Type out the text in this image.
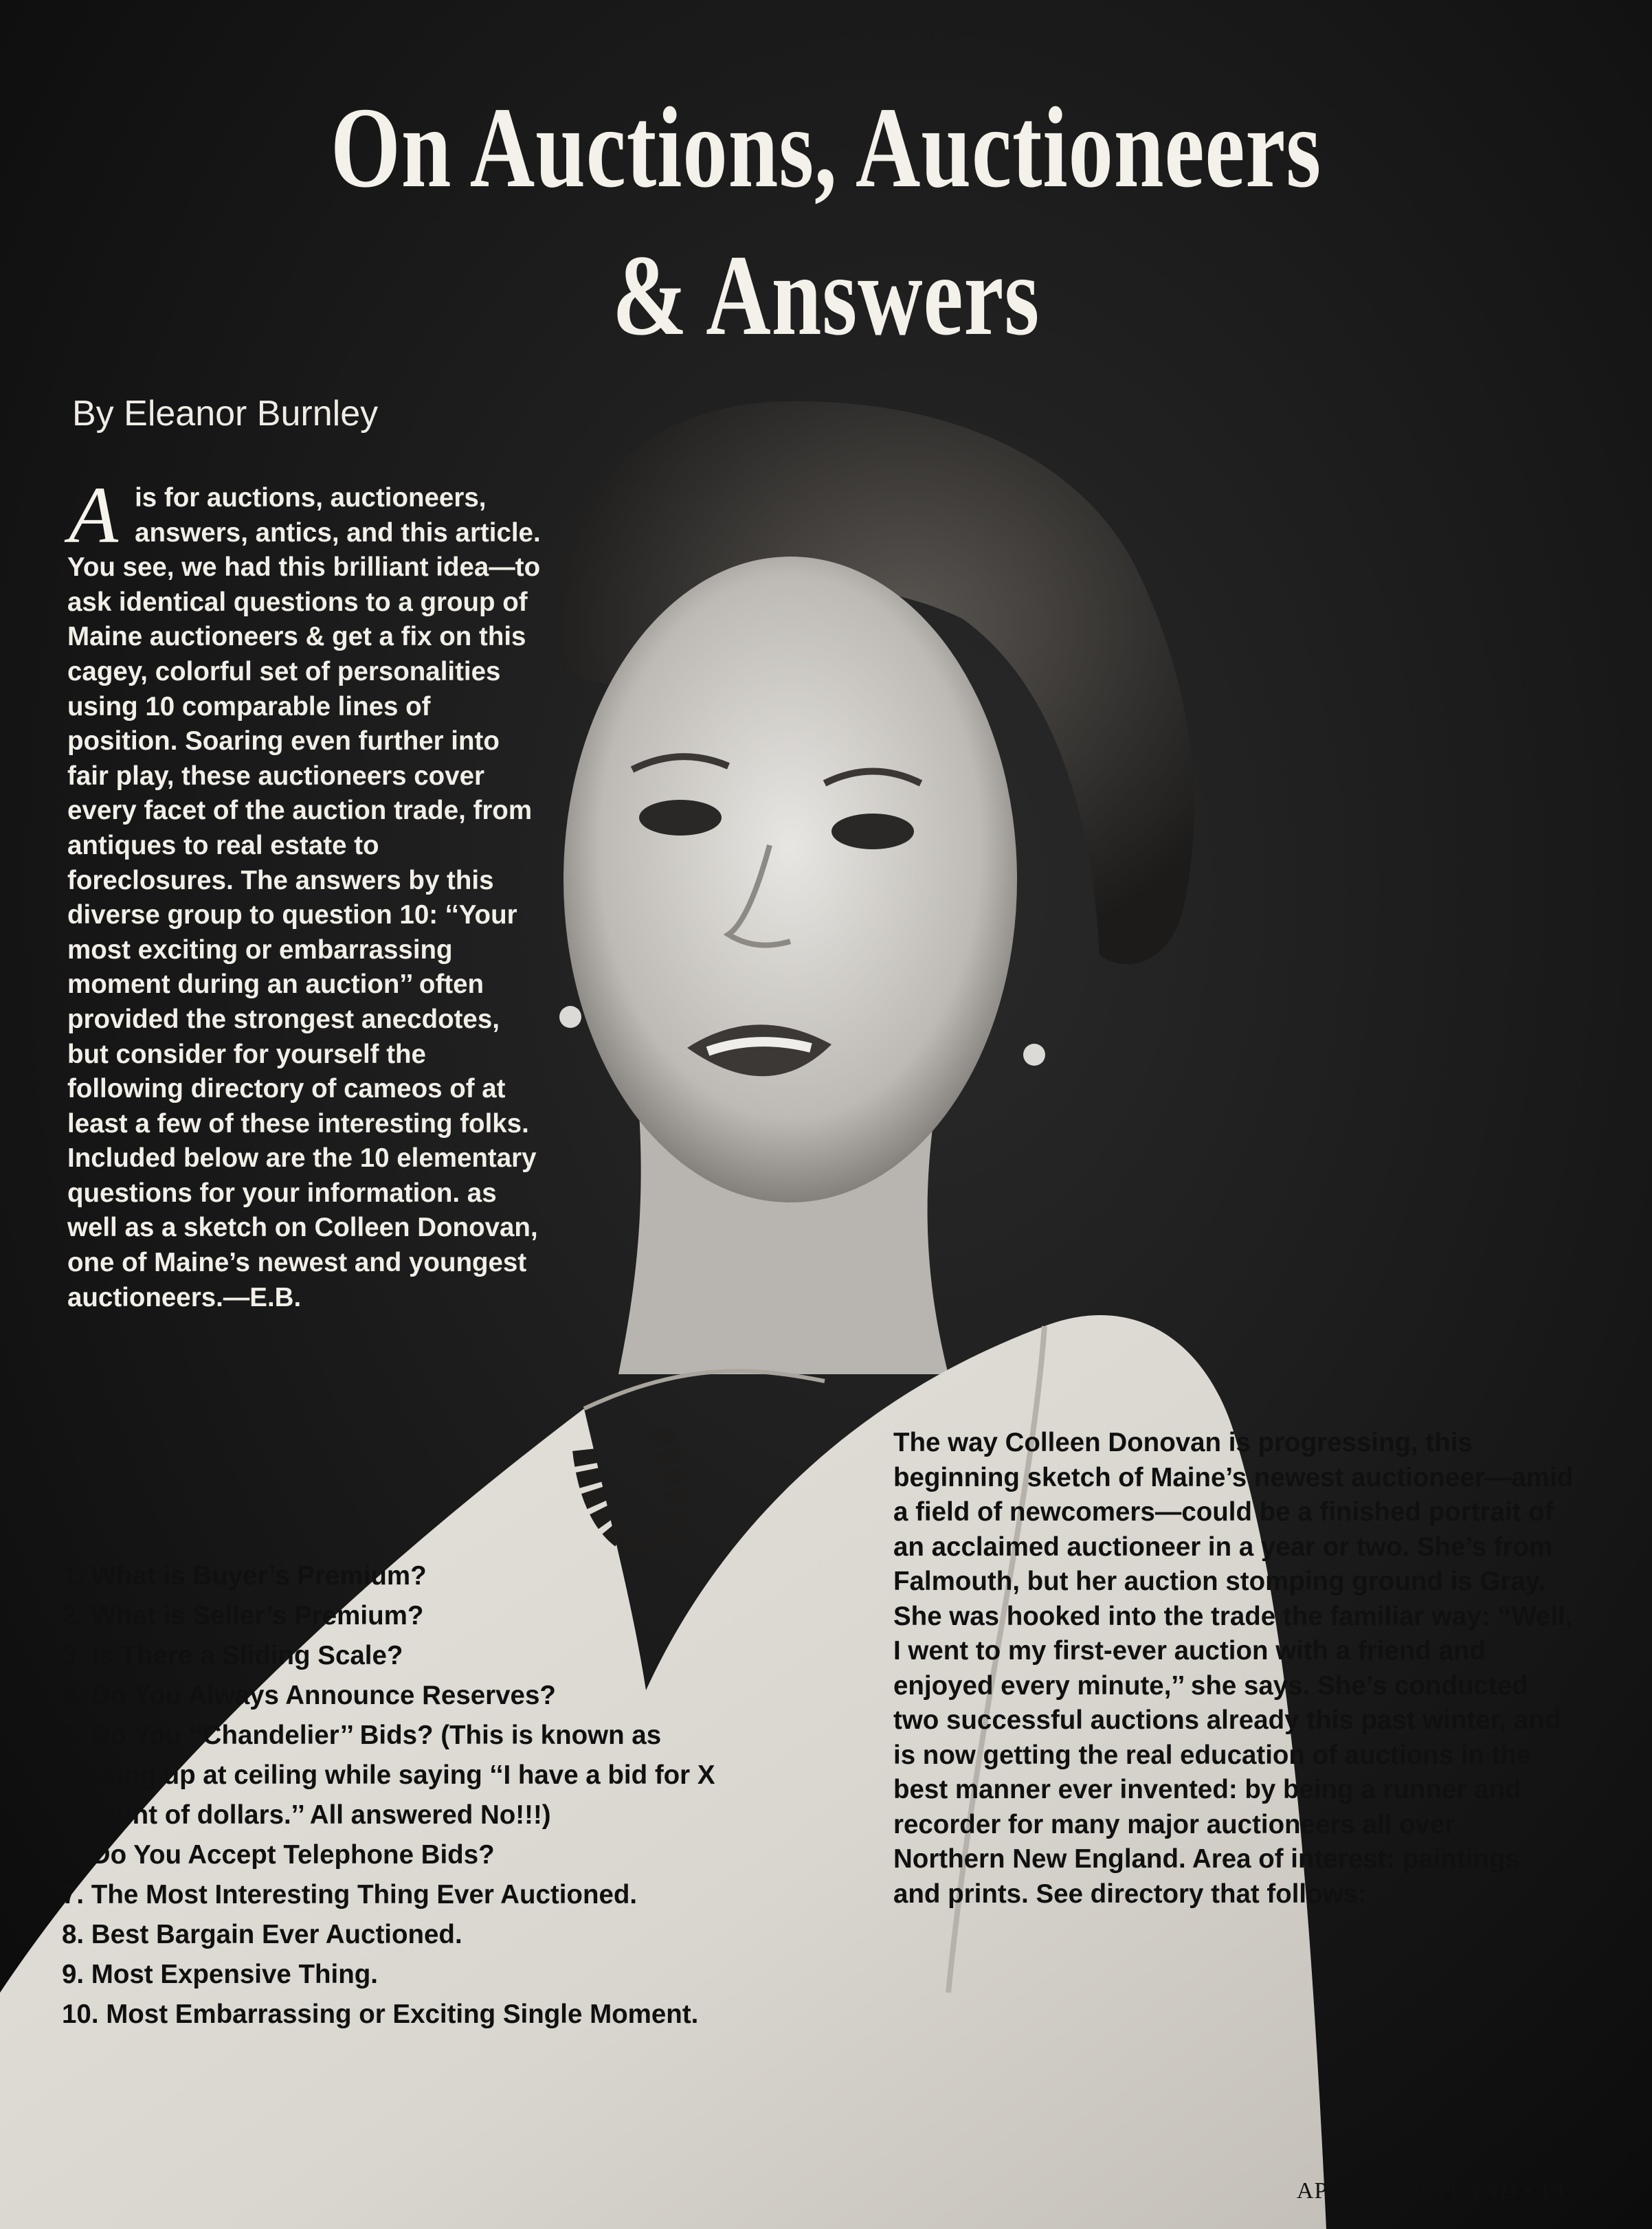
On Auctions, Auctioneers
& Answers
By Eleanor Burnley
Ais for auctions, auctioneers, answers, antics, and this article. You see, we had this brilliant idea—to ask identical questions to a group of Maine auctioneers & get a fix on this cagey, colorful set of personalities using 10 comparable lines of position. Soaring even further into fair play, these auctioneers cover every facet of the auction trade, from antiques to real estate to foreclosures. The answers by this diverse group to question 10: ‘‘Your most exciting or embarrassing moment during an auction’’ often provided the strongest anecdotes, but consider for yourself the following directory of cameos of at least a few of these interesting folks. Included below are the 10 elementary questions for your information. as well as a sketch on Colleen Donovan, one of Maine’s newest and youngest auctioneers.—E.B.
1. What is Buyer’s Premium?
2. What is Seller’s Premium?
3. Is There a Sliding Scale?
4. Do You Always Announce Reserves?
5. Do You ‘‘Chandelier’’ Bids? (This is known as looking up at ceiling while saying ‘‘I have a bid for X amount of dollars.’’ All answered No!!!)
6. Do You Accept Telephone Bids?
7. The Most Interesting Thing Ever Auctioned.
8. Best Bargain Ever Auctioned.
9. Most Expensive Thing.
10. Most Embarrassing or Exciting Single Moment.
The way Colleen Donovan is progressing, this beginning sketch of Maine’s newest auctioneer—amid a field of newcomers—could be a finished portrait of an acclaimed auctioneer in a year or two. She’s from Falmouth, but her auction stomping ground is Gray. She was hooked into the trade the familiar way: ‘‘Well, I went to my first-ever auction with a friend and enjoyed every minute,’’ she says. She’s conducted two successful auctions already this past winter, and is now getting the real education of auctions in the best manner ever invented: by being a runner and recorder for many major auctioneers all over Northern New England. Area of interest: paintings and prints. See directory that follows:
APRIL • PORTLAND • 19
